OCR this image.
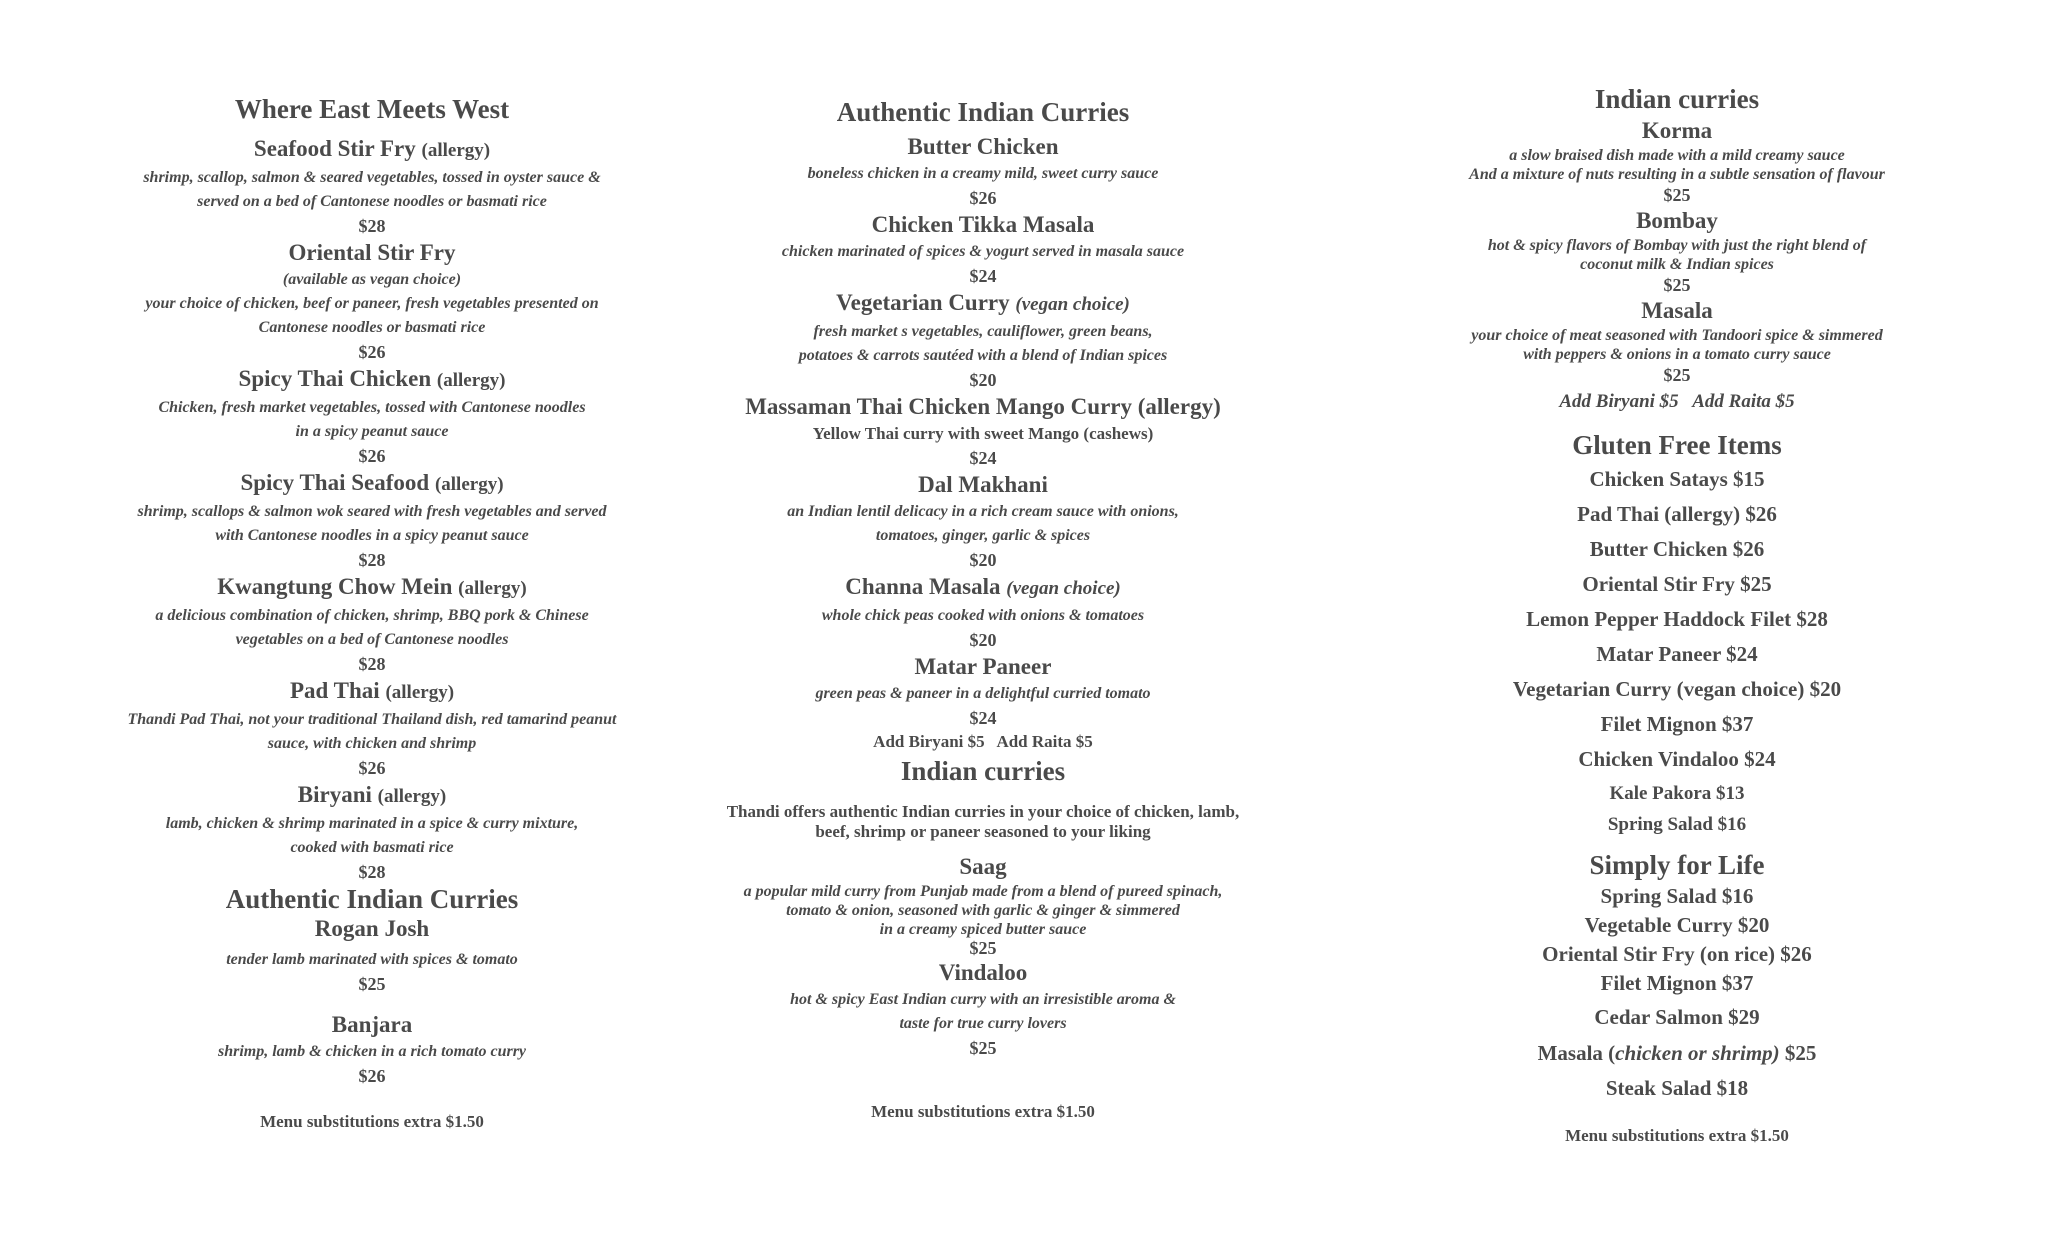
Where East Meets West
Seafood Stir Fry (allergy)
shrimp, scallop, salmon & seared vegetables, tossed in oyster sauce &
served on a bed of Cantonese noodles or basmati rice
$28
Oriental Stir Fry
(available as vegan choice)
your choice of chicken, beef or paneer, fresh vegetables presented on
Cantonese noodles or basmati rice
$26
Spicy Thai Chicken (allergy)
Chicken, fresh market vegetables, tossed with Cantonese noodles
in a spicy peanut sauce
$26
Spicy Thai Seafood (allergy)
shrimp, scallops & salmon wok seared with fresh vegetables and served
with Cantonese noodles in a spicy peanut sauce
$28
Kwangtung Chow Mein (allergy)
a delicious combination of chicken, shrimp, BBQ pork & Chinese
vegetables on a bed of Cantonese noodles
$28
Pad Thai (allergy)
Thandi Pad Thai, not your traditional Thailand dish, red tamarind peanut
sauce, with chicken and shrimp
$26
Biryani (allergy)
lamb, chicken & shrimp marinated in a spice & curry mixture,
cooked with basmati rice
$28
Authentic Indian Curries
Rogan Josh
tender lamb marinated with spices & tomato
$25
Banjara
shrimp, lamb & chicken in a rich tomato curry
$26
Menu substitutions extra $1.50
Authentic Indian Curries
Butter Chicken
boneless chicken in a creamy mild, sweet curry sauce
$26
Chicken Tikka Masala
chicken marinated of spices & yogurt served in masala sauce
$24
Vegetarian Curry (vegan choice)
fresh market s vegetables, cauliflower, green beans,
potatoes & carrots sautéed with a blend of Indian spices
$20
Massaman Thai Chicken Mango Curry (allergy)
Yellow Thai curry with sweet Mango (cashews)
$24
Dal Makhani
an Indian lentil delicacy in a rich cream sauce with onions,
tomatoes, ginger, garlic & spices
$20
Channa Masala (vegan choice)
whole chick peas cooked with onions & tomatoes
$20
Matar Paneer
green peas & paneer in a delightful curried tomato
$24
Add Biryani $5   Add Raita $5
Indian curries
Thandi offers authentic Indian curries in your choice of chicken, lamb,
beef, shrimp or paneer seasoned to your liking
Saag
a popular mild curry from Punjab made from a blend of pureed spinach,
tomato & onion, seasoned with garlic & ginger & simmered
in a creamy spiced butter sauce
$25
Vindaloo
hot & spicy East Indian curry with an irresistible aroma &
taste for true curry lovers
$25
Menu substitutions extra $1.50
Indian curries
Korma
a slow braised dish made with a mild creamy sauce
And a mixture of nuts resulting in a subtle sensation of flavour
$25
Bombay
hot & spicy flavors of Bombay with just the right blend of
coconut milk & Indian spices
$25
Masala
your choice of meat seasoned with Tandoori spice & simmered
with peppers & onions in a tomato curry sauce
$25
Add Biryani $5   Add Raita $5
Gluten Free Items
Chicken Satays $15
Pad Thai (allergy) $26
Butter Chicken $26
Oriental Stir Fry $25
Lemon Pepper Haddock Filet $28
Matar Paneer $24
Vegetarian Curry (vegan choice) $20
Filet Mignon $37
Chicken Vindaloo $24
Kale Pakora $13
Spring Salad $16
Simply for Life
Spring Salad $16
Vegetable Curry $20
Oriental Stir Fry (on rice) $26
Filet Mignon $37
Cedar Salmon $29
Masala (chicken or shrimp) $25
Steak Salad $18
Menu substitutions extra $1.50
